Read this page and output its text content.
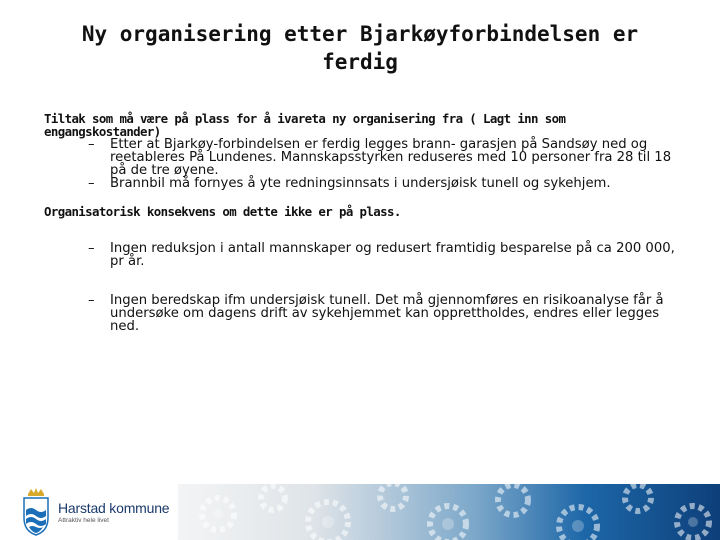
Ny organisering etter Bjarkøyforbindelsen er ferdig

Tiltak som må være på plass for å ivareta ny organisering fra ( Lagt inn som engangskostander)

– Etter at Bjarkøy-forbindelsen er ferdig legges brann- garasjen på Sandsøy ned og reetableres På Lundenes. Mannskapsstyrken reduseres med 10 personer fra 28 til 18 på de tre øyene.
– Brannbil må fornyes å yte redningsinnsats i undersjøisk tunell og sykehjem.

Organisatorisk konsekvens om dette ikke er på plass.

– Ingen reduksjon i antall mannskaper og redusert framtidig besparelse på ca 200 000, pr år.
– Ingen beredskap ifm undersjøisk tunell. Det må gjennomføres en risikoanalyse får å undersøke om dagens drift av sykehjemmet kan opprettholdes, endres eller legges ned.
Harstad kommune
Attraktiv hele livet
